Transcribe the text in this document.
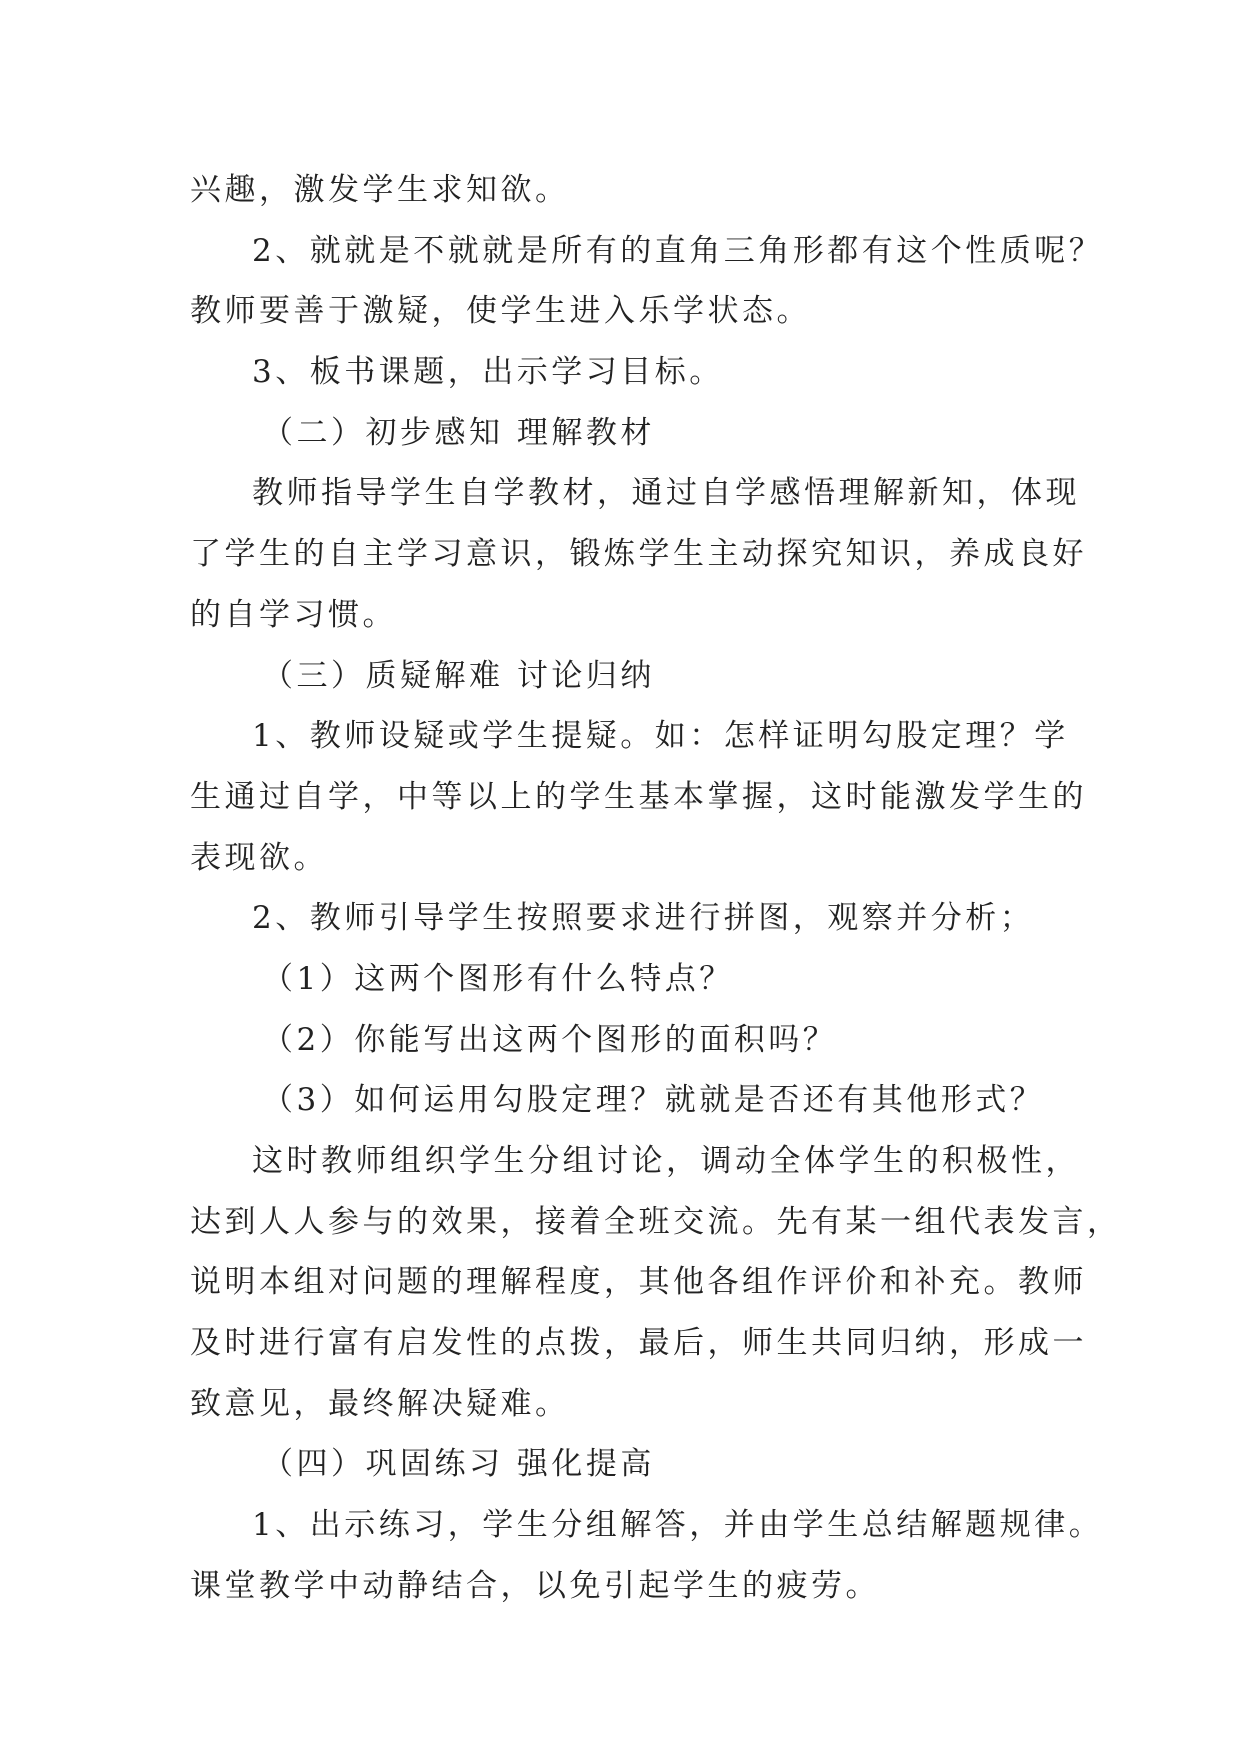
兴趣，激发学生求知欲。
2、就就是不就就是所有的直角三角形都有这个性质呢？
教师要善于激疑，使学生进入乐学状态。
3、板书课题，出示学习目标。
（二）初步感知 理解教材
教师指导学生自学教材，通过自学感悟理解新知，体现
了学生的自主学习意识，锻炼学生主动探究知识，养成良好
的自学习惯。
（三）质疑解难 讨论归纳
1、教师设疑或学生提疑。如：怎样证明勾股定理？学
生通过自学，中等以上的学生基本掌握，这时能激发学生的
表现欲。
2、教师引导学生按照要求进行拼图，观察并分析；
（1）这两个图形有什么特点？
（2）你能写出这两个图形的面积吗？
（3）如何运用勾股定理？就就是否还有其他形式？
这时教师组织学生分组讨论，调动全体学生的积极性，
达到人人参与的效果，接着全班交流。先有某一组代表发言，
说明本组对问题的理解程度，其他各组作评价和补充。教师
及时进行富有启发性的点拨，最后，师生共同归纳，形成一
致意见，最终解决疑难。
（四）巩固练习 强化提高
1、出示练习，学生分组解答，并由学生总结解题规律。
课堂教学中动静结合，以免引起学生的疲劳。
